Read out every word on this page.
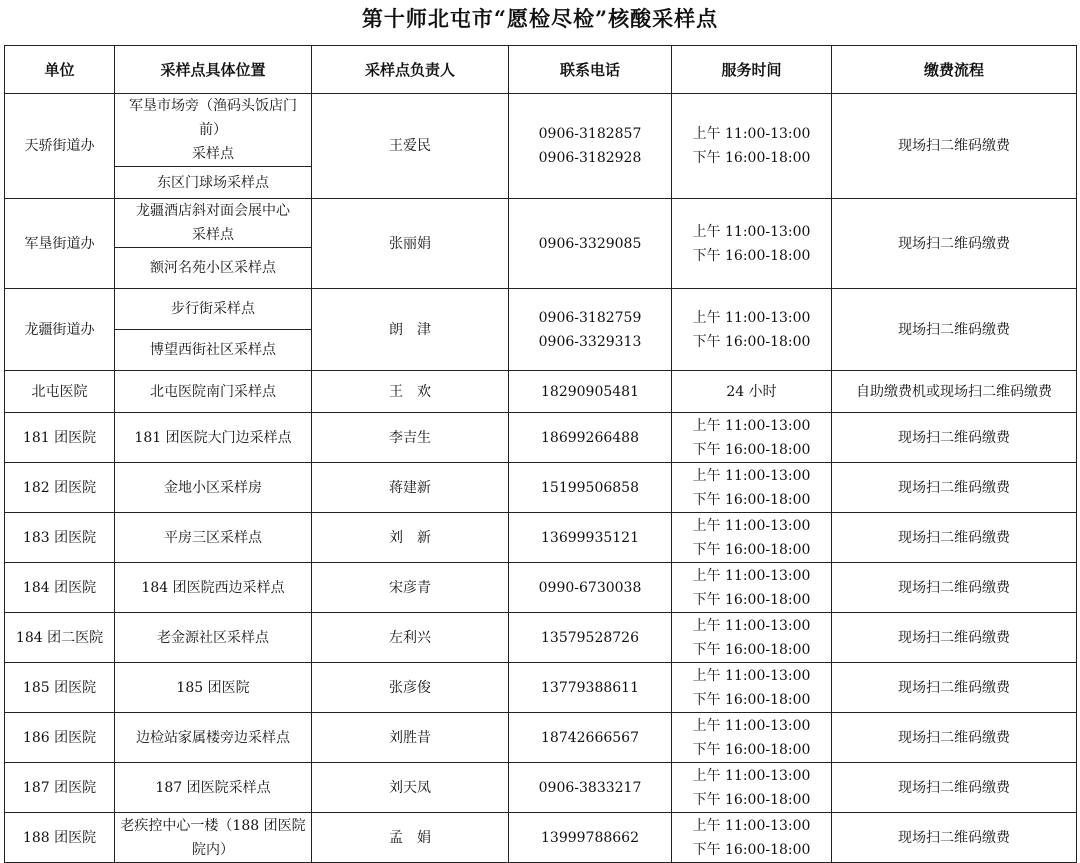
第十师北屯市“愿检尽检”核酸采样点
单位	采样点具体位置	采样点负责人	联系电话	服务时间	缴费流程
天骄街道办	军垦市场旁（渔码头饭店门前）
采样点	王爱民	0906-3182857
0906-3182928	上午 11:00-13:00
下午 16:00-18:00	现场扫二维码缴费
	东区门球场采样点				
军垦街道办	龙疆酒店斜对面会展中心
采样点	张丽娟	0906-3329085	上午 11:00-13:00
下午 16:00-18:00	现场扫二维码缴费
	额河名苑小区采样点				
龙疆街道办	步行街采样点	朗　津	0906-3182759
0906-3329313	上午 11:00-13:00
下午 16:00-18:00	现场扫二维码缴费
	博望西街社区采样点				
北屯医院	北屯医院南门采样点	王　欢	18290905481	24 小时	自助缴费机或现场扫二维码缴费
181 团医院	181 团医院大门边采样点	李吉生	18699266488	上午 11:00-13:00
下午 16:00-18:00	现场扫二维码缴费
182 团医院	金地小区采样房	蒋建新	15199506858	上午 11:00-13:00
下午 16:00-18:00	现场扫二维码缴费
183 团医院	平房三区采样点	刘　新	13699935121	上午 11:00-13:00
下午 16:00-18:00	现场扫二维码缴费
184 团医院	184 团医院西边采样点	宋彦青	0990-6730038	上午 11:00-13:00
下午 16:00-18:00	现场扫二维码缴费
184 团二医院	老金源社区采样点	左利兴	13579528726	上午 11:00-13:00
下午 16:00-18:00	现场扫二维码缴费
185 团医院	185 团医院	张彦俊	13779388611	上午 11:00-13:00
下午 16:00-18:00	现场扫二维码缴费
186 团医院	边检站家属楼旁边采样点	刘胜昔	18742666567	上午 11:00-13:00
下午 16:00-18:00	现场扫二维码缴费
187 团医院	187 团医院采样点	刘天凤	0906-3833217	上午 11:00-13:00
下午 16:00-18:00	现场扫二维码缴费
188 团医院	老疾控中心一楼（188 团医院
院内）	孟　娟	13999788662	上午 11:00-13:00
下午 16:00-18:00	现场扫二维码缴费
